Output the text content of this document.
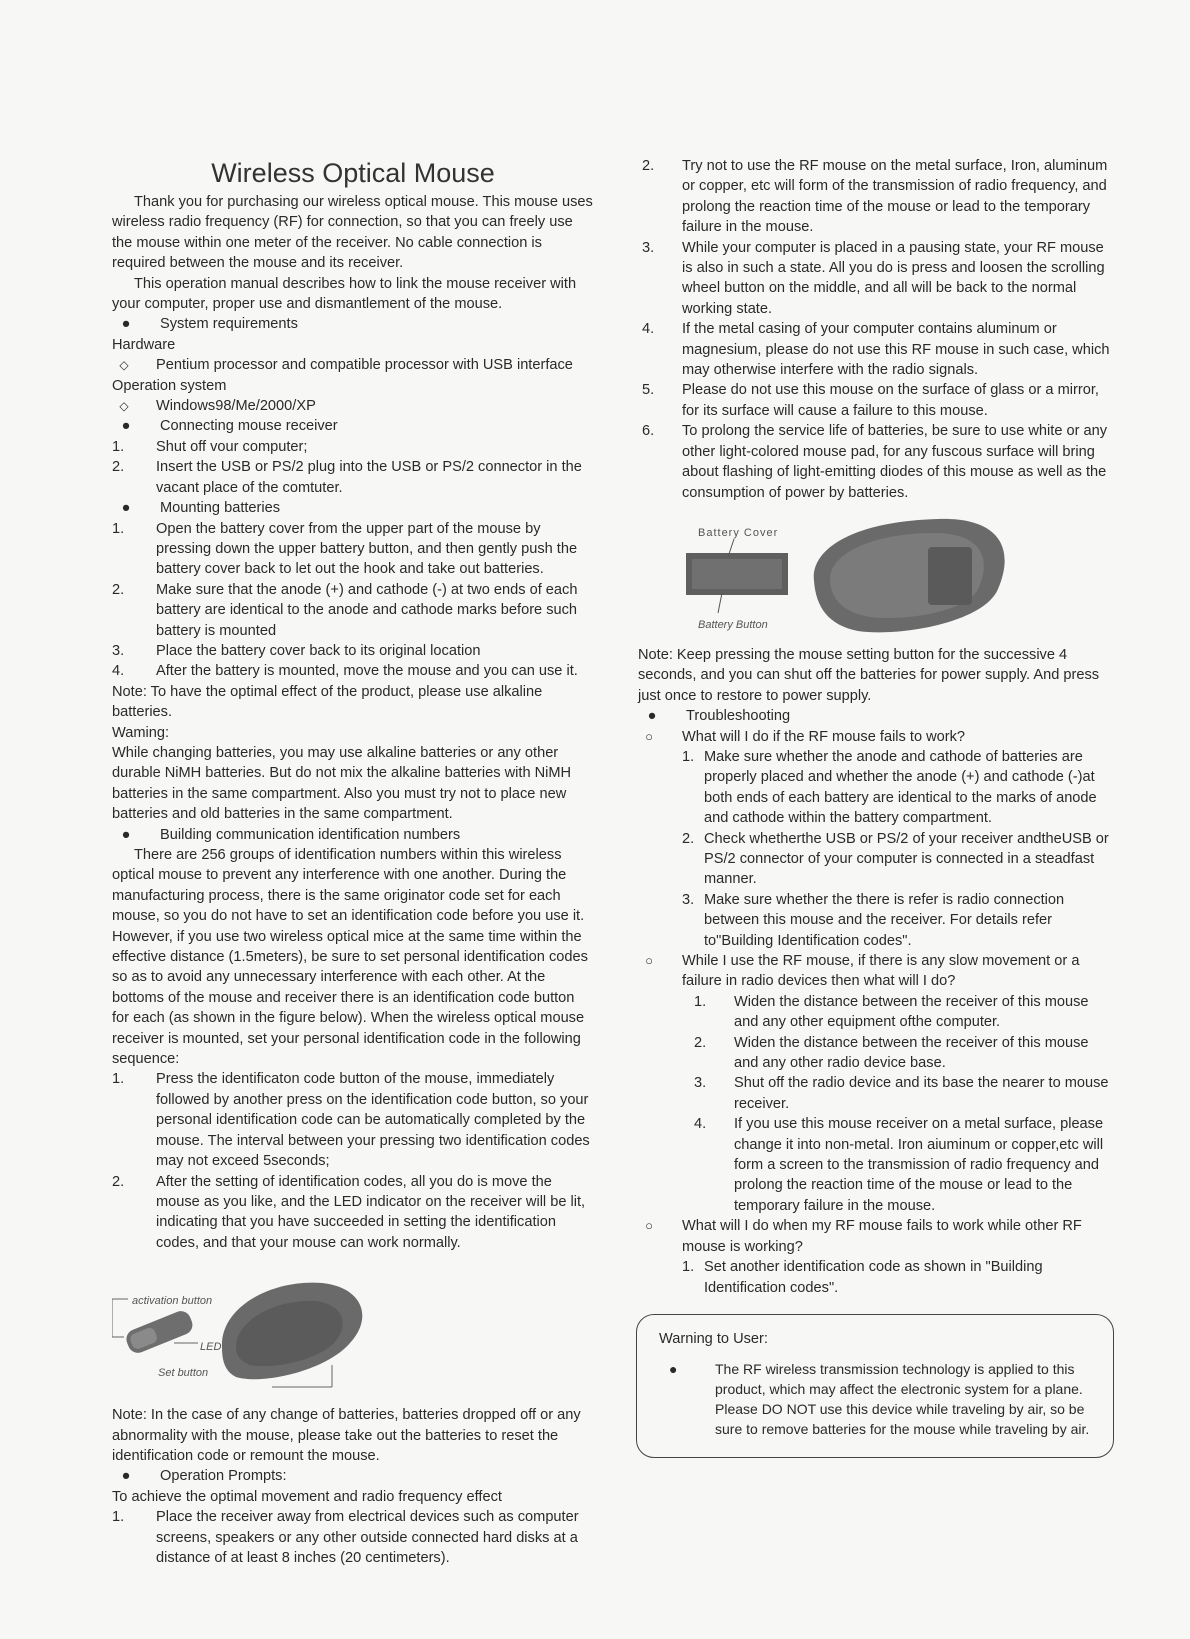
Wireless Optical Mouse

Thank you for purchasing our wireless optical mouse. This mouse uses wireless radio frequency (RF) for connection, so that you can freely use the mouse within one meter of the receiver. No cable connection is required between the mouse and its receiver.

This operation manual describes how to link the mouse receiver with your computer, proper use and dismantlement of the mouse.

●	System requirements

Hardware

◇	Pentium processor and compatible processor with USB interface

Operation system

◇	Windows98/Me/2000/XP
●	Connecting mouse receiver
1. Shut off vour computer;
2. Insert the USB or PS/2 plug into the USB or PS/2 connector in the vacant place of the comtuter.
●	Mounting batteries
1. Open the battery cover from the upper part of the mouse by pressing down the upper battery button, and then gently push the battery cover back to let out the hook and take out batteries.
2. Make sure that the anode (+) and cathode (-) at two ends of each battery are identical to the anode and cathode marks before such battery is mounted
3. Place the battery cover back to its original location
4. After the battery is mounted, move the mouse and you can use it.

Note: To have the optimal effect of the product, please use alkaline batteries.

Waming:

While changing batteries, you may use alkaline batteries or any other durable NiMH batteries. But do not mix the alkaline batteries with NiMH batteries in the same compartment. Also you must try not to place new batteries and old batteries in the same compartment.

●	Building communication identification numbers

There are 256 groups of identification numbers within this wireless optical mouse to prevent any interference with one another. During the manufacturing process, there is the same originator code set for each mouse, so you do not have to set an identification code before you use it. However, if you use two wireless optical mice at the same time within the effective distance (1.5meters), be sure to set personal identification codes so as to avoid any unnecessary interference with each other. At the bottoms of the mouse and receiver there is an identification code button for each (as shown in the figure below). When the wireless optical mouse receiver is mounted, set your personal identification code in the following sequence:

1. Press the identificaton code button of the mouse, immediately followed by another press on the identification code button, so your personal identification code can be automatically completed by the mouse. The interval between your pressing two identification codes may not exceed 5seconds;
2. After the setting of identification codes, all you do is move the mouse as you like, and the LED indicator on the receiver will be lit, indicating that you have succeeded in setting the identification codes, and that your mouse can work normally.
activation button
LED
Set button

Note: In the case of any change of batteries, batteries dropped off or any abnormality with the mouse, please take out the batteries to reset the identification code or remount the mouse.

●	Operation Prompts:

To achieve the optimal movement and radio frequency effect

1. Place the receiver away from electrical devices such as computer screens, speakers or any other outside connected hard disks at a distance of at least 8 inches (20 centimeters).
2. Try not to use the RF mouse on the metal surface, Iron, aluminum or copper, etc will form of the transmission of radio frequency, and prolong the reaction time of the mouse or lead to the temporary failure in the mouse.
3. While your computer is placed in a pausing state, your RF mouse is also in such a state. All you do is press and loosen the scrolling wheel button on the middle, and all will be back to the normal working state.
4. If the metal casing of your computer contains aluminum or magnesium, please do not use this RF mouse in such case, which may otherwise interfere with the radio signals.
5. Please do not use this mouse on the surface of glass or a mirror, for its surface will cause a failure to this mouse.
6. To prolong the service life of batteries, be sure to use white or any other light-colored mouse pad, for any fuscous surface will bring about flashing of light-emitting diodes of this mouse as well as the consumption of power by batteries.
Battery Cover
Battery Button

Note: Keep pressing the mouse setting button for the successive 4 seconds, and you can shut off the batteries for power supply. And press just once to restore to power supply.

●	Troubleshooting
○ What will I do if the RF mouse fails to work?
1. Make sure whether the anode and cathode of batteries are properly placed and whether the anode (+) and cathode (-)at both ends of each battery are identical to the marks of anode and cathode within the battery compartment.
2. Check whetherthe USB or PS/2 of your receiver andtheUSB or PS/2 connector of your computer is connected in a steadfast manner.
3. Make sure whether the there is refer is radio connection between this mouse and the receiver. For details refer to"Building Identification codes".
○ While I use the RF mouse, if there is any slow movement or a failure in radio devices then what will I do?
1. Widen the distance between the receiver of this mouse and any other equipment ofthe computer.
2. Widen the distance between the receiver of this mouse and any other radio device base.
3. Shut off the radio device and its base the nearer to mouse receiver.
4. If you use this mouse receiver on a metal surface, please change it into non-metal. Iron aiuminum or copper,etc will form a screen to the transmission of radio frequency and prolong the reaction time of the mouse or lead to the temporary failure in the mouse.
○ What will I do when my RF mouse fails to work while other RF mouse is working?
1. Set another identification code as shown in "Building Identification codes".

Warning to User:

●	The RF wireless transmission technology is applied to this product, which may affect the electronic system for a plane. Please DO NOT use this device while traveling by air, so be sure to remove batteries for the mouse while traveling by air.
